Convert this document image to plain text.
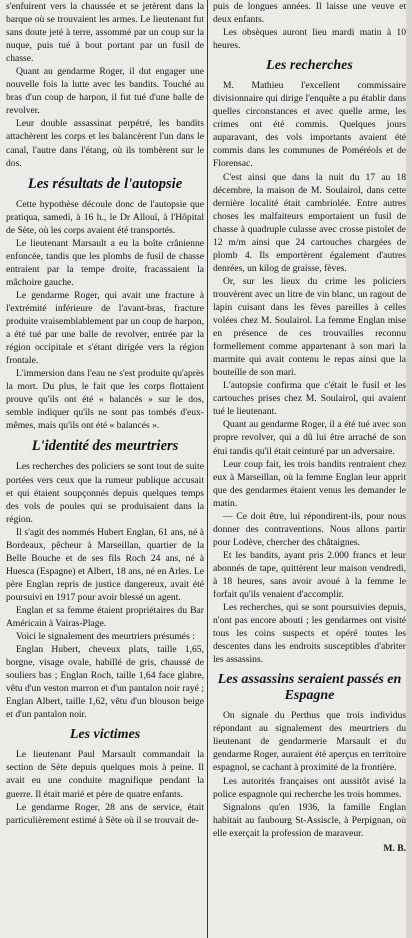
s'enfuirent vers la chaussée et se jetèrent dans la barque où se trouvaient les armes. Le lieutenant fut sans doute jeté à terre, assommé par un coup sur la nuque, puis tué à bout portant par un fusil de chasse.

Quant au gendarme Roger, il dut engager une nouvelle fois la lutte avec les bandits. Touché au bras d'un coup de harpon, il fut tué d'une balle de revolver.

Leur double assassinat perpétré, les bandits attachèrent les corps et les balancèrent l'un dans le canal, l'autre dans l'étang, où ils tombèrent sur le dos.

Les résultats de l'autopsie

Cette hypothèse découle donc de l'autopsie que pratiqua, samedi, à 16 h., le Dr Allouï, à l'Hôpital de Sète, où les corps avaient été transportés.

Le lieutenant Marsault a eu la boîte crânienne enfoncée, tandis que les plombs de fusil de chasse entraient par la tempe droite, fracassaient la mâchoire gauche.

Le gendarme Roger, qui avait une fracture à l'extrémité inférieure de l'avant-bras, fracture produite vraisemblablement par un coup de harpon, a été tué par une balle de revolver, entrée par la région occipitale et s'étant dirigée vers la région frontale.

L'immersion dans l'eau ne s'est produite qu'après la mort. Du plus, le fait que les corps flottaient prouve qu'ils ont été « balancés » sur le dos, semble indiquer qu'ils ne sont pas tombés d'eux-mêmes, mais qu'ils ont été « balancés ».

L'identité des meurtriers

Les recherches des policiers se sont tout de suite portées vers ceux que la rumeur publique accusait et qui étaient soupçonnés depuis quelques temps des vols de poules qui se produisaient dans la région.

Il s'agit des nommés Hubert Englan, 61 ans, né à Bordeaux, pêcheur à Marseillan, quartier de la Belle Bouche et de ses fils Roch 24 ans, né à Huesca (Espagne) et Albert, 18 ans, né en Arles. Le père Englan repris de justice dangereux, avait été poursuivi en 1917 pour avoir blessé un agent.

Englan et sa femme étaient propriétaires du Bar Américain à Vairas-Plage.

Voici le signalement des meurtriers présumés :

Englan Hubert, cheveux plats, taille 1,65, borgne, visage ovale, habillé de gris, chaussé de souliers bas ; Englan Roch, taille 1,64 face glabre, vêtu d'un veston marron et d'un pantalon noir rayé ; Englan Albert, taille 1,62, vêtu d'un blouson beige et d'un pantalon noir.

Les victimes

Le lieutenant Paul Marsault commandait la section de Sète depuis quelques mois à peine. Il avait eu une conduite magnifique pendant la guerre. Il était marié et père de quatre enfants.

Le gendarme Roger, 28 ans de service, était particulièrement estimé à Sète où il se trouvait de-

puis de longues années. Il laisse une veuve et deux enfants.

Les obsèques auront lieu mardi matin à 10 heures.

Les recherches

M. Mathieu l'excellent commissaire divisionnaire qui dirige l'enquête a pu établir dans quelles circonstances et avec quelle arme, les crimes ont été commis. Quelques jours auparavant, des vols importants avaient été commis dans les communes de Poméréols et de Florensac.

C'est ainsi que dans la nuit du 17 au 18 décembre, la maison de M. Soulairol, dans cette dernière localité était cambriolée. Entre autres choses les malfaiteurs emportaient un fusil de chasse à quadruple culasse avec crosse pistolet de 12 m/m ainsi que 24 cartouches chargées de plomb 4. Ils emportèrent également d'autres denrées, un kilog de graisse, fèves.

Or, sur les lieux du crime les policiers trouvèrent avec un litre de vin blanc, un ragout de lapin cuisant dans les fèves pareilles à celles volées chez M. Soulairol. La femme Englan mise en présence de ces trouvailles reconnu formellement comme appartenant à son mari la marmite qui avait contenu le repas ainsi que la bouteille de son mari.

L'autopsie confirma que c'était le fusil et les cartouches prises chez M. Soulairol, qui avaient tué le lieutenant.

Quant au gendarme Roger, il a été tué avec son propre revolver, qui a dû lui être arraché de son étui tandis qu'il était ceinturé par un adversaire.

Leur coup fait, les trois bandits rentraient chez eux à Marseillan, où la femme Englan leur apprit que des gendarmes étaient venus les demander le matin.

— Ce doit être, lui répondirent-ils, pour nous donner des contraventions. Nous allons partir pour Lodève, chercher des châtaignes.

Et les bandits, ayant pris 2.000 francs et leur abonnés de tape, quittèrent leur maison vendredi, à 18 heures, sans avoir avoué à la femme le forfait qu'ils venaient d'accomplir.

Les recherches, qui se sont poursuivies depuis, n'ont pas encore abouti ; les gendarmes ont visité tous les coins suspects et opéré toutes les descentes dans les endroits susceptibles d'abriter les assassins.

Les assassins seraient passés en Espagne

On signale du Perthus que trois individus répondant au signalement des meurtriers du lieutenant de gendarmerie Marsault et du gendarme Roger, auraient été aperçus en territoire espagnol, se cachant à proximité de la frontière.

Les autorités françaises ont aussitôt avisé la police espagnole qui recherche les trois hommes.

Signalons qu'en 1936, la famille Englan habitait au faubourg St-Assiscle, à Perpignan, où elle exerçait la profession de maraveur.

M. B.
